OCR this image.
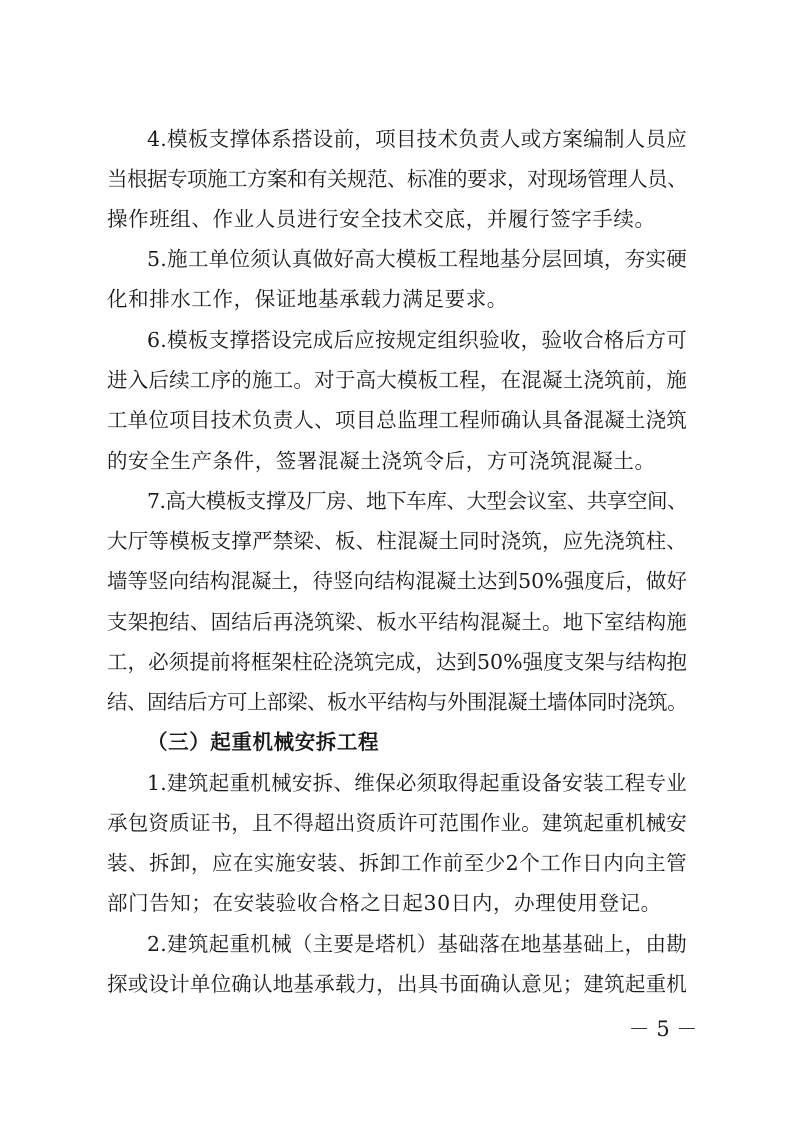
4.模板支撑体系搭设前，项目技术负责人或方案编制人员应
当根据专项施工方案和有关规范、标准的要求，对现场管理人员、
操作班组、作业人员进行安全技术交底，并履行签字手续。
5.施工单位须认真做好高大模板工程地基分层回填，夯实硬
化和排水工作，保证地基承载力满足要求。
6.模板支撑搭设完成后应按规定组织验收，验收合格后方可
进入后续工序的施工。对于高大模板工程，在混凝土浇筑前，施
工单位项目技术负责人、项目总监理工程师确认具备混凝土浇筑
的安全生产条件，签署混凝土浇筑令后，方可浇筑混凝土。
7.高大模板支撑及厂房、地下车库、大型会议室、共享空间、
大厅等模板支撑严禁梁、板、柱混凝土同时浇筑，应先浇筑柱、
墙等竖向结构混凝土，待竖向结构混凝土达到50%强度后，做好
支架抱结、固结后再浇筑梁、板水平结构混凝土。地下室结构施
工，必须提前将框架柱砼浇筑完成，达到50%强度支架与结构抱
结、固结后方可上部梁、板水平结构与外围混凝土墙体同时浇筑。
（三）起重机械安拆工程
1.建筑起重机械安拆、维保必须取得起重设备安装工程专业
承包资质证书，且不得超出资质许可范围作业。建筑起重机械安
装、拆卸，应在实施安装、拆卸工作前至少2个工作日内向主管
部门告知；在安装验收合格之日起30日内，办理使用登记。
2.建筑起重机械（主要是塔机）基础落在地基基础上，由勘
探或设计单位确认地基承载力，出具书面确认意见；建筑起重机
－ 5 －
